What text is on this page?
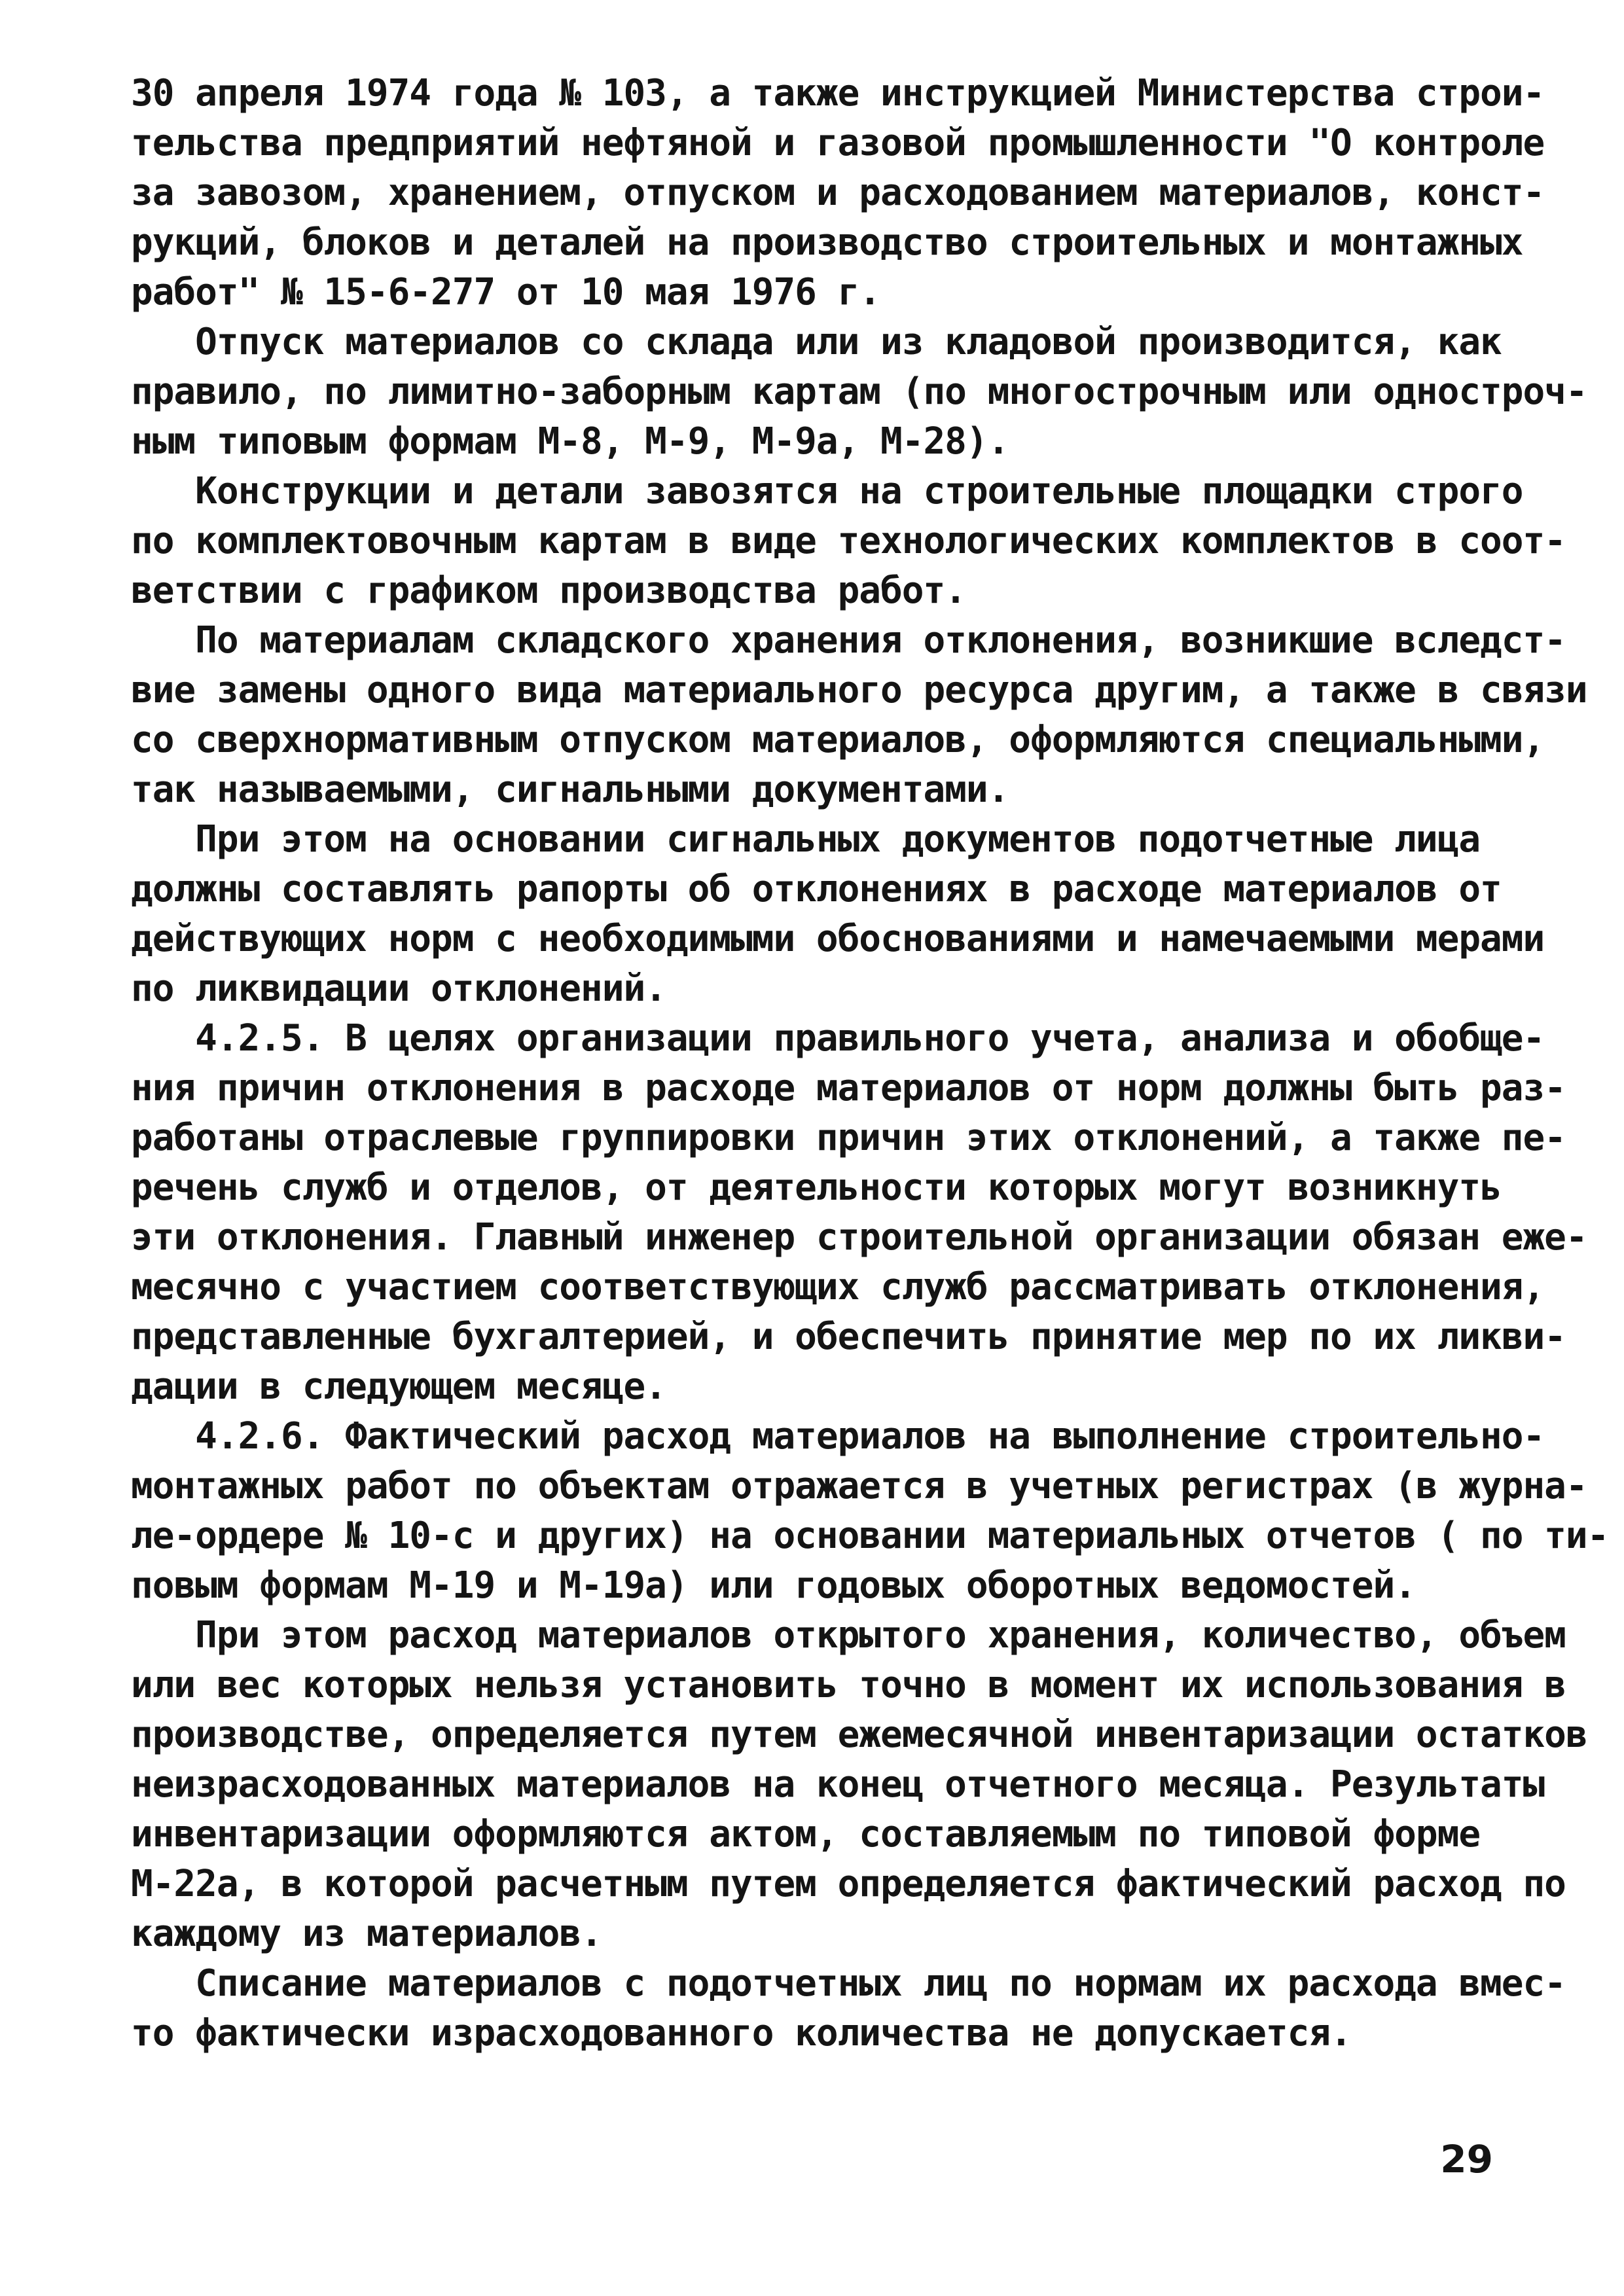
30 апреля 1974 года № 103, а также инструкцией Министерства строи-
тельства предприятий нефтяной и газовой промышленности "О контроле
за завозом, хранением, отпуском и расходованием материалов, конст-
рукций, блоков и деталей на производство строительных и монтажных
работ" № 15-6-277 от 10 мая 1976 г.
Отпуск материалов со склада или из кладовой производится, как
правило, по лимитно-заборным картам (по многострочным или одностроч-
ным типовым формам М-8, М-9, М-9а, М-28).
Конструкции и детали завозятся на строительные площадки строго
по комплектовочным картам в виде технологических комплектов в соот-
ветствии с графиком производства работ.
По материалам складского хранения отклонения, возникшие вследст-
вие замены одного вида материального ресурса другим, а также в связи
со сверхнормативным отпуском материалов, оформляются специальными,
так называемыми, сигнальными документами.
При этом на основании сигнальных документов подотчетные лица
должны составлять рапорты об отклонениях в расходе материалов от
действующих норм с необходимыми обоснованиями и намечаемыми мерами
по ликвидации отклонений.
4.2.5. В целях организации правильного учета, анализа и обобще-
ния причин отклонения в расходе материалов от норм должны быть раз-
работаны отраслевые группировки причин этих отклонений, а также пе-
речень служб и отделов, от деятельности которых могут возникнуть
эти отклонения. Главный инженер строительной организации обязан еже-
месячно с участием соответствующих служб рассматривать отклонения,
представленные бухгалтерией, и обеспечить принятие мер по их ликви-
дации в следующем месяце.
4.2.6. Фактический расход материалов на выполнение строительно-
монтажных работ по объектам отражается в учетных регистрах (в журна-
ле-ордере № 10-с и других) на основании материальных отчетов ( по ти-
повым формам М-19 и М-19а) или годовых оборотных ведомостей.
При этом расход материалов открытого хранения, количество, объем
или вес которых нельзя установить точно в момент их использования в
производстве, определяется путем ежемесячной инвентаризации остатков
неизрасходованных материалов на конец отчетного месяца. Результаты
инвентаризации оформляются актом, составляемым по типовой форме
М-22а, в которой расчетным путем определяется фактический расход по
каждому из материалов.
Списание материалов с подотчетных лиц по нормам их расхода вмес-
то фактически израсходованного количества не допускается.
29
